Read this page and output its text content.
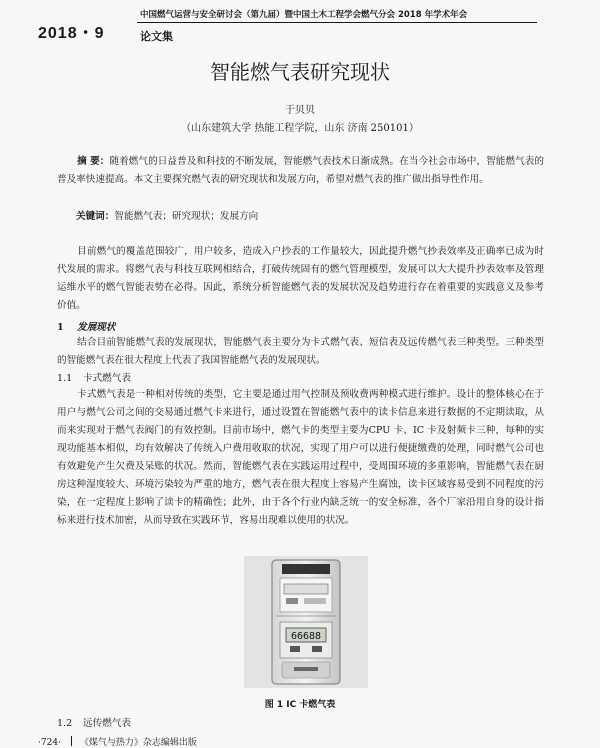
2018・9
中国燃气运营与安全研讨会（第九届）暨中国土木工程学会燃气分会 2018 年学术年会
论文集
智能燃气表研究现状
于贝贝
（山东建筑大学 热能工程学院，山东 济南 250101）

摘 要：随着燃气的日益普及和科技的不断发展，智能燃气表技术日渐成熟。在当今社会市场中，智能燃气表的普及率快速提高。本文主要探究燃气表的研究现状和发展方向，希望对燃气表的推广做出指导性作用。

关键词：智能燃气表；研究现状；发展方向

目前燃气的覆盖范围较广，用户较多，造成入户抄表的工作量较大，因此提升燃气抄表效率及正确率已成为时代发展的需求。将燃气表与科技互联网相结合，打破传统固有的燃气管理模型，发展可以大大提升抄表效率及管理运维水平的燃气智能表势在必得。因此，系统分析智能燃气表的发展状况及趋势进行存在着重要的实践意义及参考价值。

1 发展现状

结合目前智能燃气表的发展现状，智能燃气表主要分为卡式燃气表、短信表及远传燃气表三种类型。三种类型的智能燃气表在很大程度上代表了我国智能燃气表的发展现状。

1.1 卡式燃气表

卡式燃气表是一种相对传统的类型，它主要是通过用气控制及预收费两种模式进行维护。设计的整体核心在于用户与燃气公司之间的交易通过燃气卡来进行，通过设置在智能燃气表中的读卡信息来进行数据的不定期读取，从而来实现对于燃气表阀门的有效控制。目前市场中，燃气卡的类型主要为CPU 卡、IC 卡及射频卡三种，每种的实现功能基本相似，均有效解决了传统入户费用收取的状况，实现了用户可以进行便捷缴费的处理，同时燃气公司也有效避免产生欠费及呆账的状况。然而，智能燃气表在实践运用过程中，受周围环境的多重影响，智能燃气表在厨房这种湿度较大、环境污染较为严重的地方，燃气表在很大程度上容易产生腐蚀，读卡区域容易受到不同程度的污染，在一定程度上影响了读卡的精确性；此外，由于各个行业内缺乏统一的安全标准，各个厂家沿用自身的设计指标来进行技术加密，从而导致在实践环节，容易出现难以使用的状况。

66688
图 1 IC 卡燃气表
1.2 远传燃气表
·724· 《煤气与热力》杂志编辑出版
